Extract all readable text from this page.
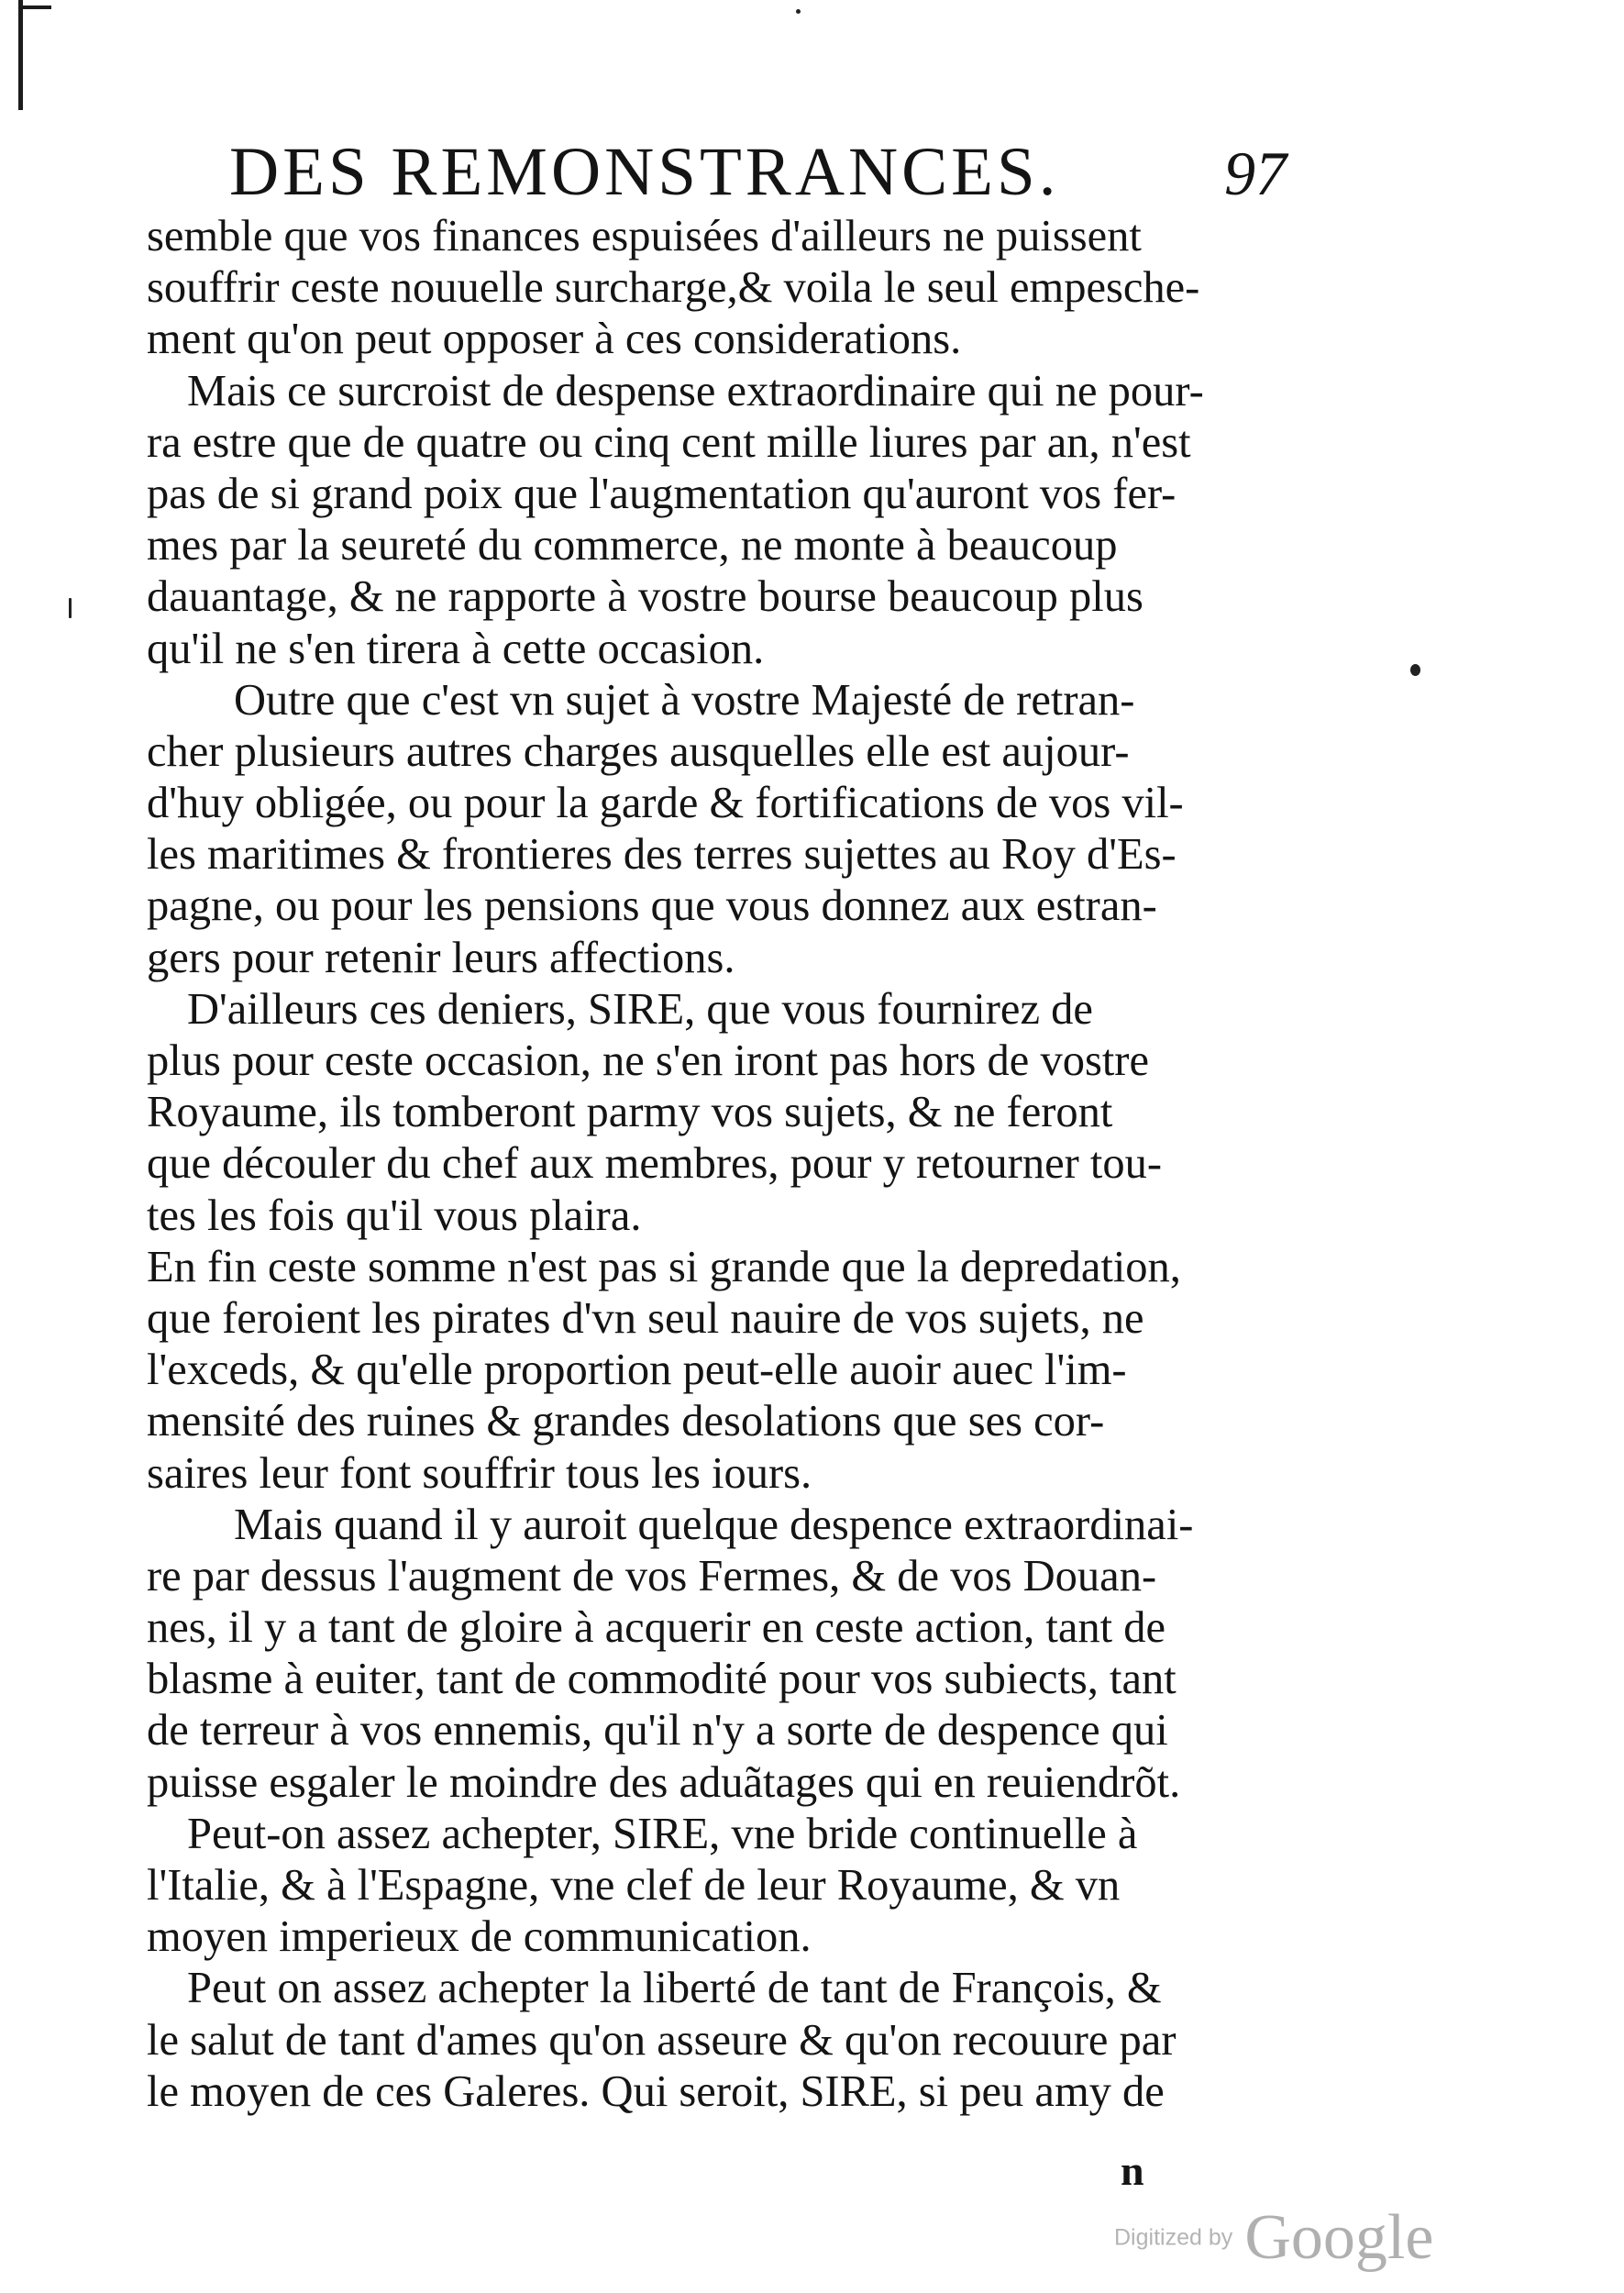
DES REMONSTRANCES.	97
semble que vos finances espuisées d'ailleurs ne puissent
souffrir ceste nouuelle surcharge,& voila le seul empesche-
ment qu'on peut opposer à ces considerations.
Mais ce surcroist de despense extraordinaire qui ne pour-
ra estre que de quatre ou cinq cent mille liures par an, n'est
pas de si grand poix que l'augmentation qu'auront vos fer-
mes par la seureté du commerce, ne monte à beaucoup
dauantage, & ne rapporte à vostre bourse beaucoup plus
qu'il ne s'en tirera à cette occasion.
Outre que c'est vn sujet à vostre Majesté de retran-
cher plusieurs autres charges ausquelles elle est aujour-
d'huy obligée, ou pour la garde & fortifications de vos vil-
les maritimes & frontieres des terres sujettes au Roy d'Es-
pagne, ou pour les pensions que vous donnez aux estran-
gers pour retenir leurs affections.
D'ailleurs ces deniers, SIRE, que vous fournirez de
plus pour ceste occasion, ne s'en iront pas hors de vostre
Royaume, ils tomberont parmy vos sujets, & ne feront
que découler du chef aux membres, pour y retourner tou-
tes les fois qu'il vous plaira.
En fin ceste somme n'est pas si grande que la depredation,
que feroient les pirates d'vn seul nauire de vos sujets, ne
l'exceds, & qu'elle proportion peut-elle auoir auec l'im-
mensité des ruines & grandes desolations que ses cor-
saires leur font souffrir tous les iours.
Mais quand il y auroit quelque despence extraordinai-
re par dessus l'augment de vos Fermes, & de vos Douan-
nes, il y a tant de gloire à acquerir en ceste action, tant de
blasme à euiter, tant de commodité pour vos subiects, tant
de terreur à vos ennemis, qu'il n'y a sorte de despence qui
puisse esgaler le moindre des aduãtages qui en reuiendrõt.
Peut-on assez achepter, SIRE, vne bride continuelle à
l'Italie, & à l'Espagne, vne clef de leur Royaume, & vn
moyen imperieux de communication.
Peut on assez achepter la liberté de tant de François, &
le salut de tant d'ames qu'on asseure & qu'on recouure par
le moyen de ces Galeres. Qui seroit, SIRE, si peu amy de
n
Digitized by Google
